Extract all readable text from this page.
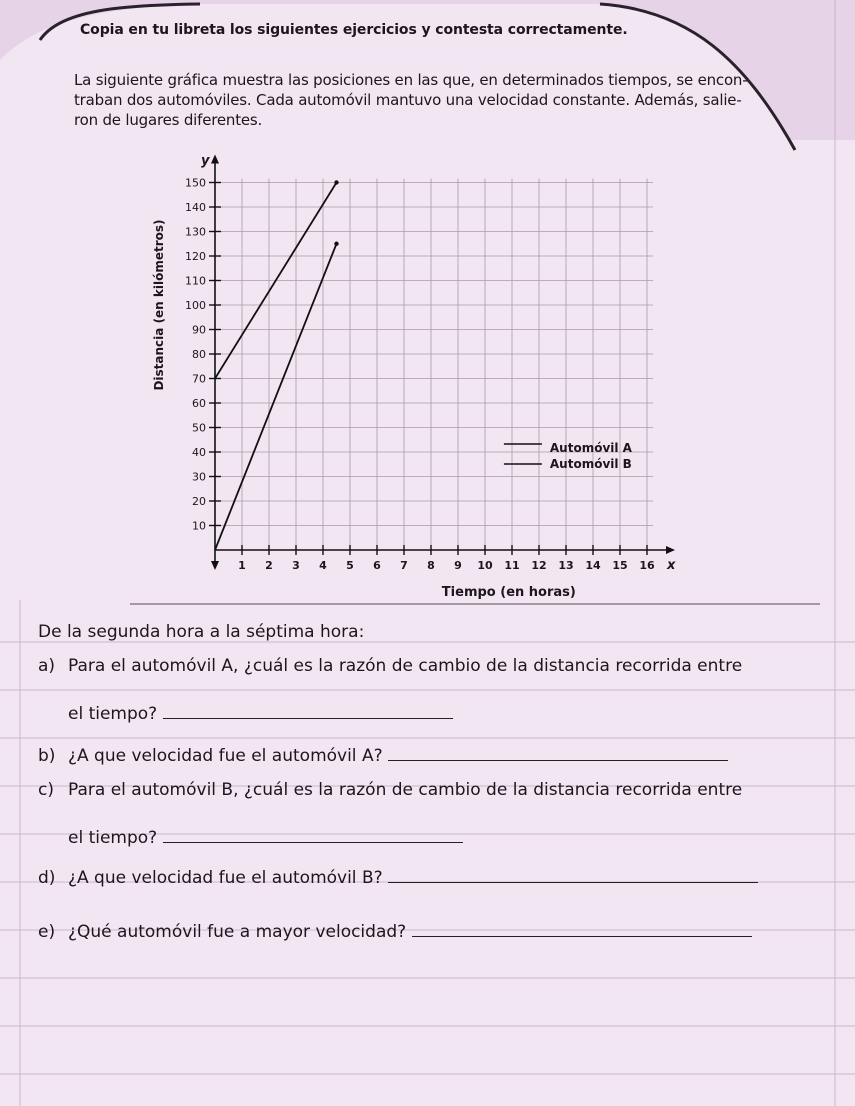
Copia en tu libreta los siguientes ejercicios y contesta correctamente.
La siguiente gráfica muestra las posiciones en las que, en determinados tiempos, se encon-
traban dos automóviles. Cada automóvil mantuvo una velocidad constante. Además, salie-
ron de lugares diferentes.
1 2 3 4 5 6 7 8 9 10 11 12 13 14 15 16
10
20
30
40
50
60
70
80
90
100
110
120
130
140
150
x
y
Tiempo (en horas)
Distancia (en kilómetros)
Automóvil A
Automóvil B
De la segunda hora a la séptima hora:
a) Para el automóvil A, ¿cuál es la razón de cambio de la distancia recorrida entre
el tiempo?
b) ¿A que velocidad fue el automóvil A?
c) Para el automóvil B, ¿cuál es la razón de cambio de la distancia recorrida entre
el tiempo?
d) ¿A que velocidad fue el automóvil B?
e) ¿Qué automóvil fue a mayor velocidad?
